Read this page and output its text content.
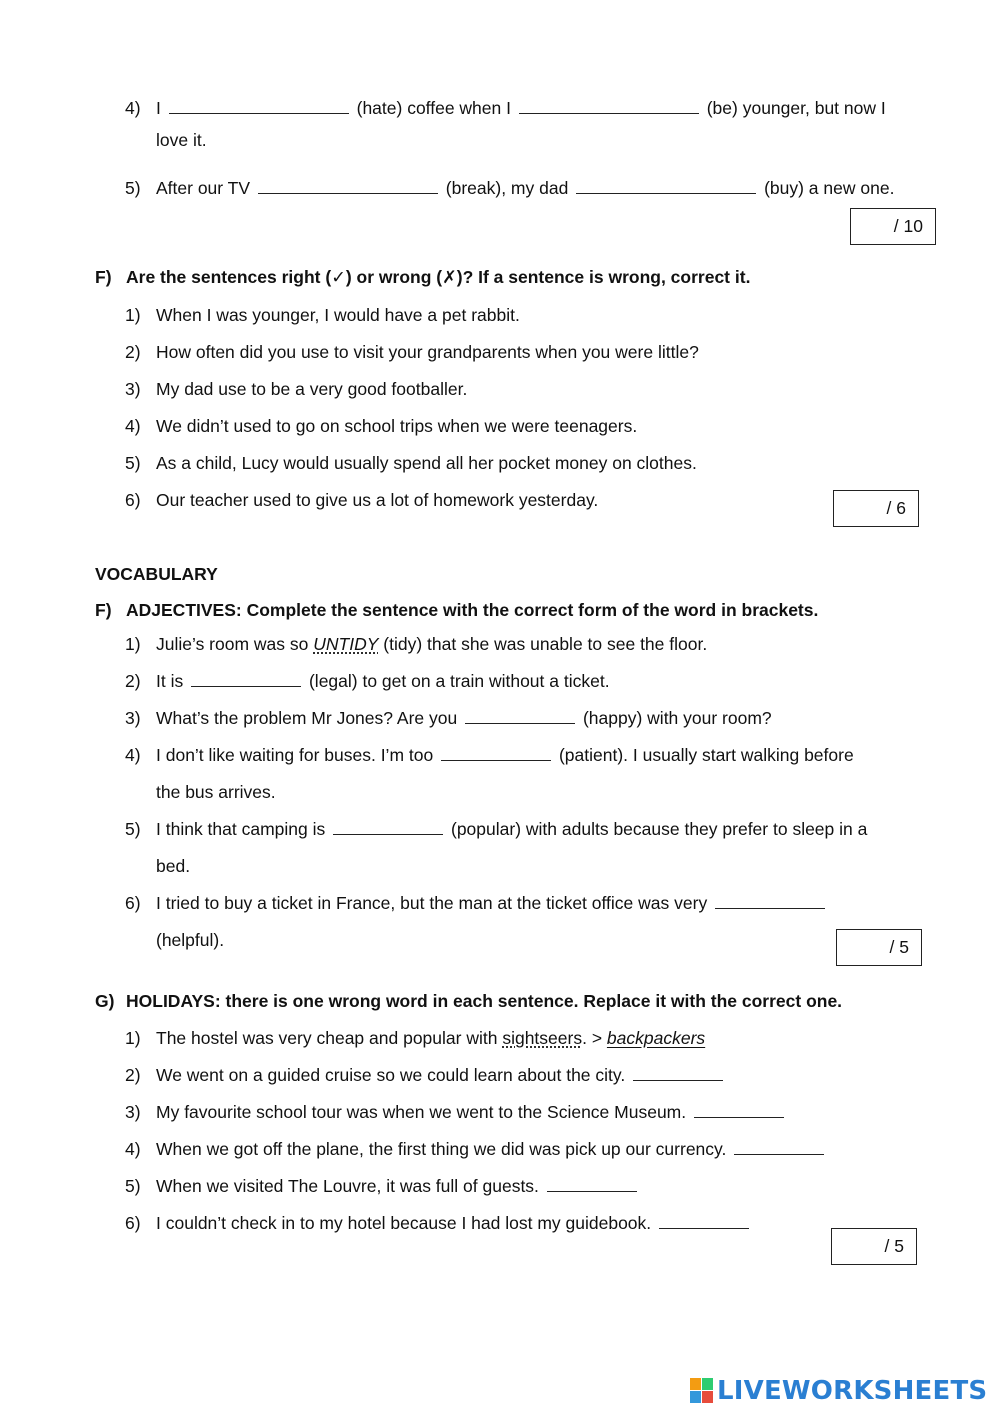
4) I	(hate) coffee when I	(be) younger, but now I
love it.
5) After our TV	(break), my dad	(buy) a new one.
/ 10
F) Are the sentences right (✓) or wrong (✗)? If a sentence is wrong, correct it.
1) When I was younger, I would have a pet rabbit.
2) How often did you use to visit your grandparents when you were little?
3) My dad use to be a very good footballer.
4) We didn’t used to go on school trips when we were teenagers.
5) As a child, Lucy would usually spend all her pocket money on clothes.
6) Our teacher used to give us a lot of homework yesterday.	/ 6
VOCABULARY
F) ADJECTIVES: Complete the sentence with the correct form of the word in brackets.
1) Julie’s room was so UNTIDY (tidy) that she was unable to see the floor.
2) It is	(legal) to get on a train without a ticket.
3) What’s the problem Mr Jones? Are you	(happy) with your room?
4) I don’t like waiting for buses. I’m too	(patient). I usually start walking before
the bus arrives.
5) I think that camping is	(popular) with adults because they prefer to sleep in a
bed.
6) I tried to buy a ticket in France, but the man at the ticket office was very
(helpful).	/ 5
G) HOLIDAYS: there is one wrong word in each sentence. Replace it with the correct one.
1) The hostel was very cheap and popular with sightseers. > backpackers
2) We went on a guided cruise so we could learn about the city.
3) My favourite school tour was when we went to the Science Museum.
4) When we got off the plane, the first thing we did was pick up our currency.
5) When we visited The Louvre, it was full of guests.
6) I couldn’t check in to my hotel because I had lost my guidebook.
/ 5
LIVEWORKSHEETS
